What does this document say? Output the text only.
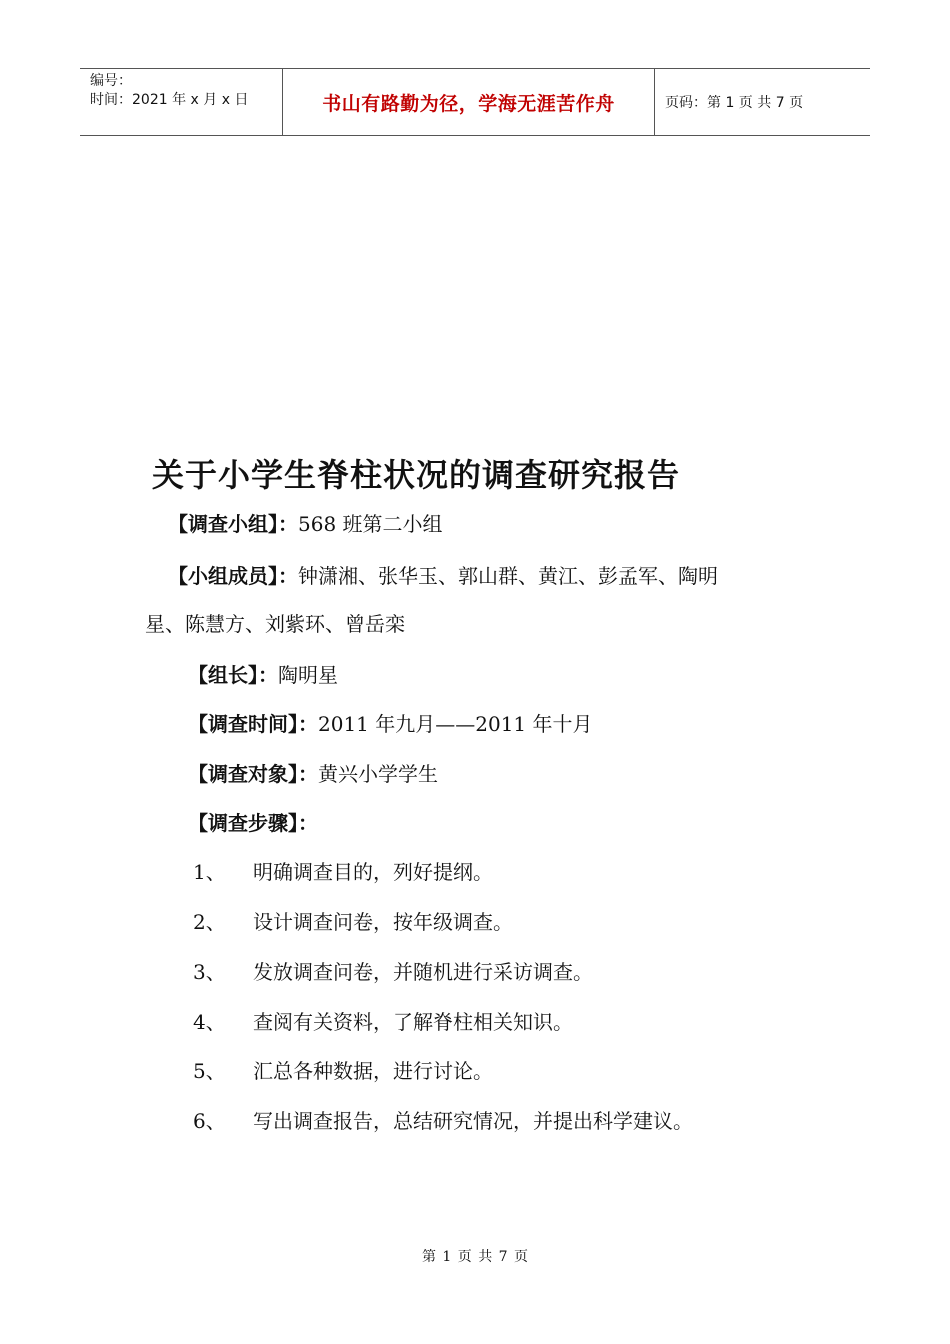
编号：
时间：2021 年 x 月 x 日	书山有路勤为径，学海无涯苦作舟	页码：第 1 页 共 7 页
关于小学生脊柱状况的调查研究报告
【调查小组】：568 班第二小组
【小组成员】：钟潇湘、张华玉、郭山群、黄江、彭孟军、陶明
星、陈慧方、刘紫环、曾岳栾
【组长】：陶明星
【调查时间】：2011 年九月——2011 年十月
【调查对象】：黄兴小学学生
【调查步骤】：
1、 明确调查目的，列好提纲。
2、 设计调查问卷，按年级调查。
3、 发放调查问卷，并随机进行采访调查。
4、 查阅有关资料，了解脊柱相关知识。
5、 汇总各种数据，进行讨论。
6、 写出调查报告，总结研究情况，并提出科学建议。
第 1 页 共 7 页
